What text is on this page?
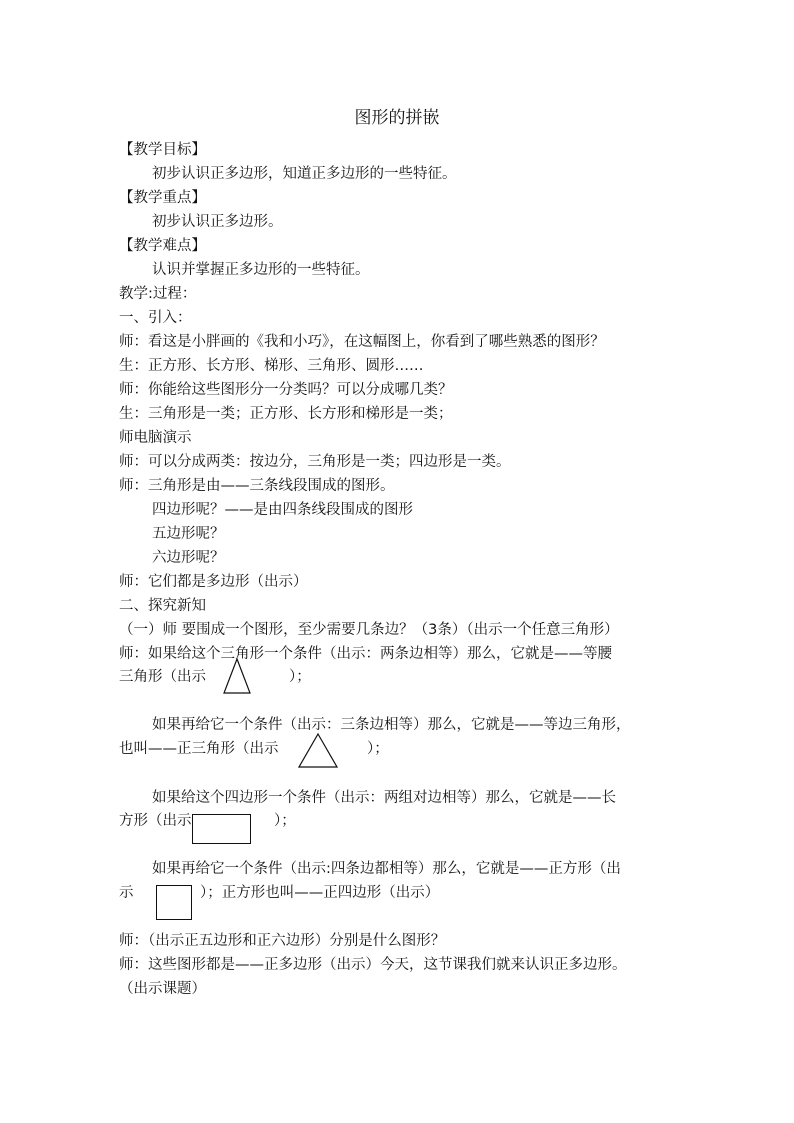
图形的拼嵌
【教学目标】
初步认识正多边形，知道正多边形的一些特征。
【教学重点】
初步认识正多边形。
【教学难点】
认识并掌握正多边形的一些特征。
教学:过程：
一、引入：
师：看这是小胖画的《我和小巧》，在这幅图上，你看到了哪些熟悉的图形？
生：正方形、长方形、梯形、三角形、圆形……
师：你能给这些图形分一分类吗？可以分成哪几类？
生：三角形是一类；正方形、长方形和梯形是一类；
师电脑演示
师：可以分成两类：按边分，三角形是一类；四边形是一类。
师：三角形是由——三条线段围成的图形。
四边形呢？——是由四条线段围成的图形
五边形呢？
六边形呢？
师：它们都是多边形（出示）
二、探究新知
（一）师 要围成一个图形，至少需要几条边？（3条）（出示一个任意三角形）
师：如果给这个三角形一个条件（出示：两条边相等）那么，它就是——等腰
三角形（出示	）；
如果再给它一个条件（出示：三条边相等）那么，它就是——等边三角形，
也叫——正三角形（出示	）；
如果给这个四边形一个条件（出示：两组对边相等）那么，它就是——长
方形（出示	）；
如果再给它一个条件（出示:四条边都相等）那么，它就是——正方形（出
示	）；正方形也叫——正四边形（出示）
师：（出示正五边形和正六边形）分别是什么图形？
师：这些图形都是——正多边形（出示）今天，这节课我们就来认识正多边形。
（出示课题）
